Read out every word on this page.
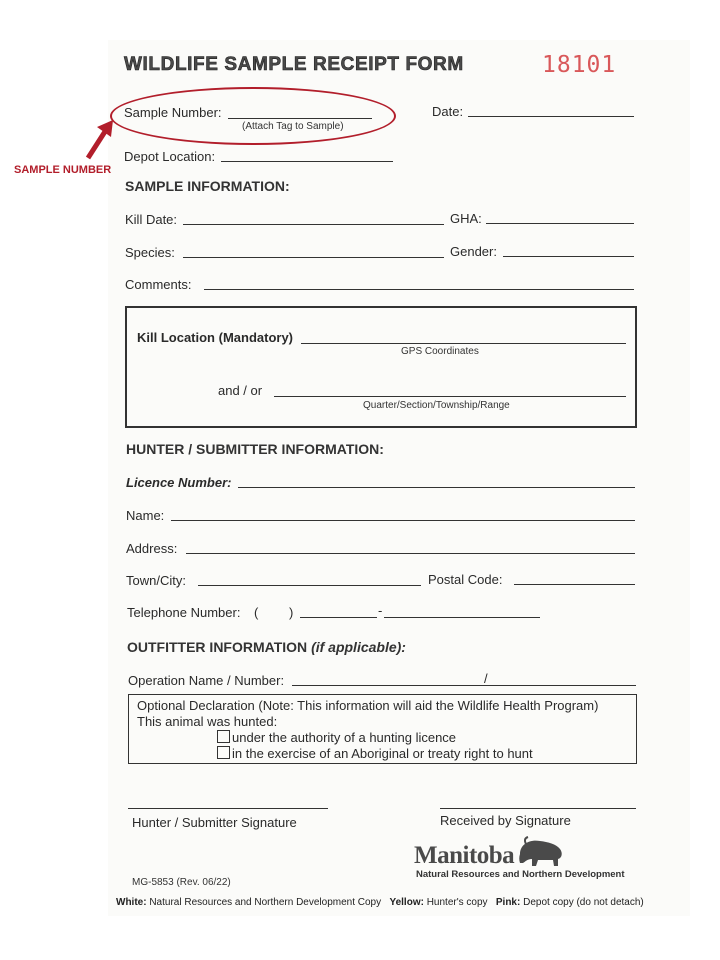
WILDLIFE SAMPLE RECEIPT FORM	18101
SAMPLE NUMBER
Sample Number:
(Attach Tag to Sample)
Date:
Depot Location:
SAMPLE INFORMATION:
Kill Date:	GHA:
Species:	Gender:
Comments:
Kill Location (Mandatory)
GPS Coordinates
and / or
Quarter/Section/Township/Range
HUNTER / SUBMITTER INFORMATION:
Licence Number:
Name:
Address:
Town/City:	Postal Code:
Telephone Number: ( )	-
OUTFITTER INFORMATION (if applicable):
Operation Name / Number:	/
Optional Declaration (Note: This information will aid the Wildlife Health Program)
This animal was hunted:
under the authority of a hunting licence
in the exercise of an Aboriginal or treaty right to hunt
Hunter / Submitter Signature	Received by Signature
Manitoba
Natural Resources and Northern Development
MG-5853 (Rev. 06/22)
White: Natural Resources and Northern Development Copy Yellow: Hunter's copy Pink: Depot copy (do not detach)
